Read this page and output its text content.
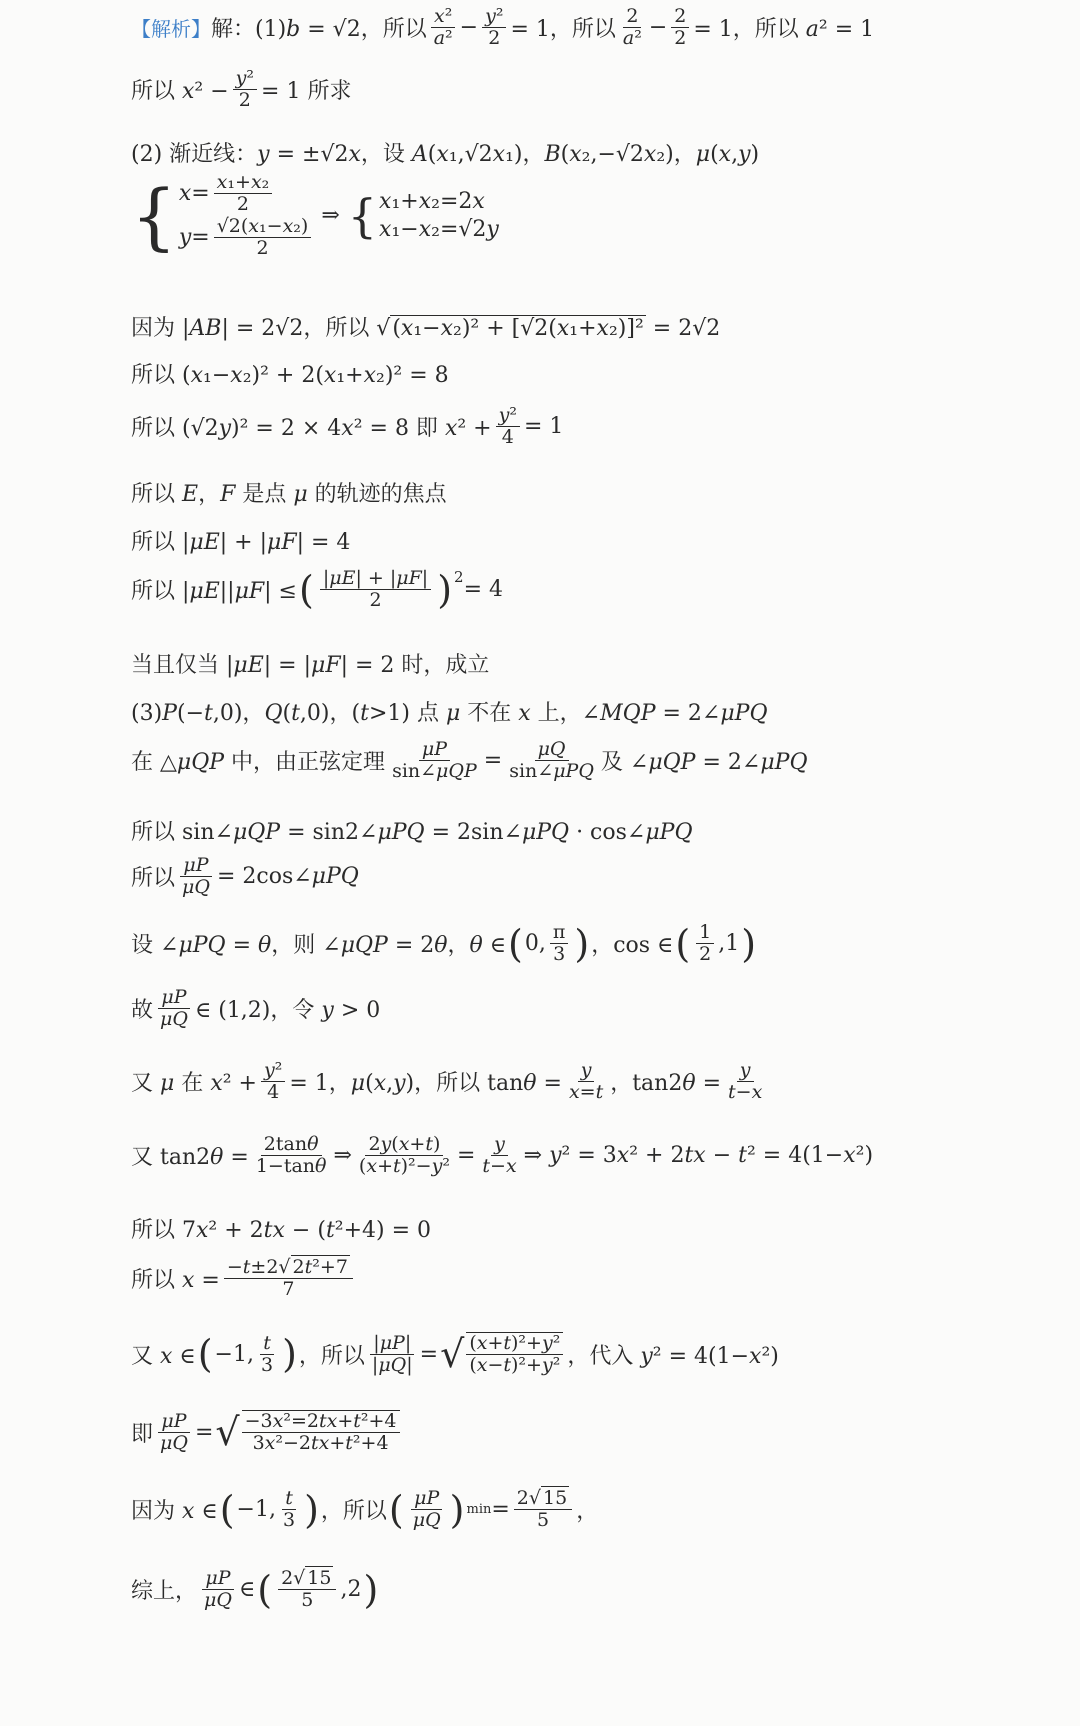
【解析】 解：(1)b = √2，所以
x²
$a^2 - \frac{\text{y²}}{2} = 1$，所以
2
$a^2 - \frac{2}{2} = 1$，所以 a² = 1
所以 $x^2 - \frac{\text{y²}}{2} = 1$ 所求
(2) 渐近线：y = ±√2x，设 A(x₁,√2x₁)，B(x₂,−√2x₂)，μ(x,y)
{ x = x₁+x₂
2
y = √2(x₁−x₂)
2
⇒ { x₁+x₂=2x
x₁−x₂=√2y
因为 |AB| = 2√2，所以 √(x₁−x₂)² + [√2(x₁+x₂)]² = 2√2
所以 (x₁−x₂)² + 2(x₁+x₂)² = 8
所以 (√2y)² = 2 × 4x² = 8 即 $x^2 + \frac{\text{y²}}{4} = 1$
所以 E，F 是点 μ 的轨迹的焦点
所以 |μE| + |μF| = 4
所以 |μE||μF| ≤ ( |μE| + |μF|
2 ) 2
= 4
当且仅当 |μE| = |μF| = 2 时，成立
(3)P(−t,0)，Q(t,0)，(t>1) 点 μ 不在 x 上，∠MQP = 2∠μPQ
在 △μQP 中，由正弦定理
μP
sin∠μQP = μQ
sin∠μPQ 及 ∠μQP = 2∠μPQ
所以 sin∠μQP = sin2∠μPQ = 2sin∠μPQ · cos∠μPQ
所以 $\frac{\mu P}{\mu Q}$ = 2cos∠μPQ
设 ∠μPQ = θ，则 ∠μQP = 2θ，θ ∈ ( 0, π
3 ) ，cos ∈ ( 1
2 ,1 )
故
μP
μQ ∈ (1,2)，令 y > 0
又 μ 在 $x^2 + \frac{\text{y²}}{4} = 1$，μ(x,y)，所以 $\tan\theta = \frac{y}{x=t}$ ，$\tan 2\theta = \frac{y}{t-x}$
又 $\tan 2\theta = \frac{2\tan\theta}{1-\tan\theta}$ ⇒ $\frac{2y(x+t)}{\text{(x+t)²−y²}} = \frac{y}{t-x}$ ⇒ y² = 3x² + 2tx − t² = 4(1−x²)
所以 7x² + 2tx − (t²+4) = 0
所以 $x = \frac{\text{−t±2√ 2t²+7}}{7}$
又 x ∈ ( −1, t
3 ) ，所以 $\frac{|\mu P|}{|\mu Q|}$ = √ (x+t)²+y²
(x−t)²+y² ，代入 y² = 4(1−x²)
即 $\frac{\mu P}{\mu Q}$ = √ −3x²=2tx+t²+4
3x²−2tx+t²+4
因为 x ∈ ( −1, t
3 ) ，所以 ( μP
μQ ) $\min = \frac{2√ 15}{5}$ ，
综上，
μP
μQ ∈ ( 2√ 15
5 ,2 )
